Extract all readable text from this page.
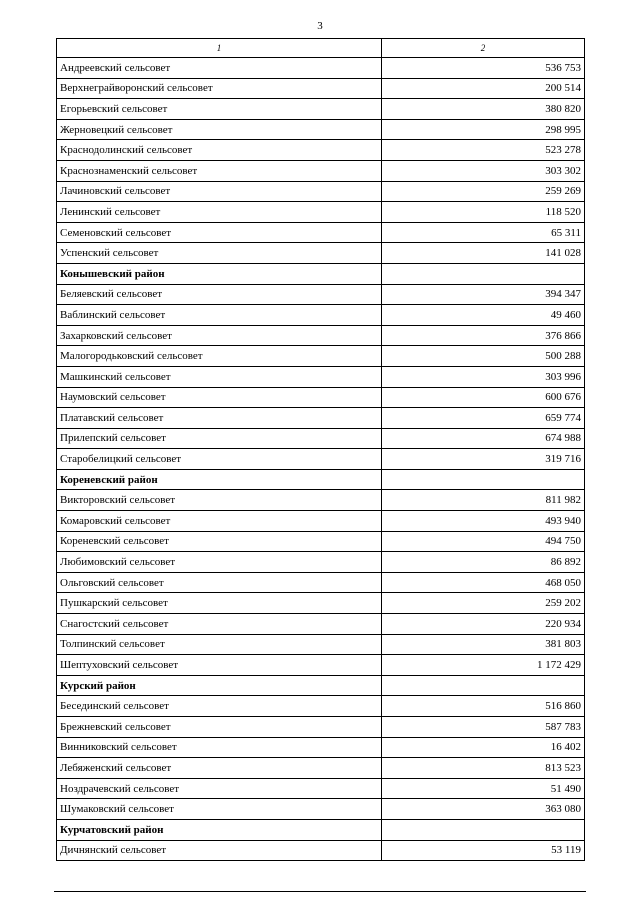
3
1	2
Андреевский сельсовет	536 753
Верхнеграйворонский сельсовет	200 514
Егорьевский сельсовет	380 820
Жерновецкий сельсовет	298 995
Краснодолинский сельсовет	523 278
Краснознаменский сельсовет	303 302
Лачиновский сельсовет	259 269
Ленинский сельсовет	118 520
Семеновский сельсовет	65 311
Успенский сельсовет	141 028
Конышевский район	
Беляевский сельсовет	394 347
Ваблинский сельсовет	49 460
Захарковский сельсовет	376 866
Малогородьковский сельсовет	500 288
Машкинский сельсовет	303 996
Наумовский сельсовет	600 676
Платавский сельсовет	659 774
Прилепский сельсовет	674 988
Старобелицкий сельсовет	319 716
Кореневский район	
Викторовский сельсовет	811 982
Комаровский сельсовет	493 940
Кореневский сельсовет	494 750
Любимовский сельсовет	86 892
Ольговский сельсовет	468 050
Пушкарский сельсовет	259 202
Снагостский сельсовет	220 934
Толпинский сельсовет	381 803
Шептуховский сельсовет	1 172 429
Курский район	
Бесединский сельсовет	516 860
Брежневский сельсовет	587 783
Винниковский сельсовет	16 402
Лебяженский сельсовет	813 523
Ноздрачевский сельсовет	51 490
Шумаковский сельсовет	363 080
Курчатовский район	
Дичнянский сельсовет	53 119
